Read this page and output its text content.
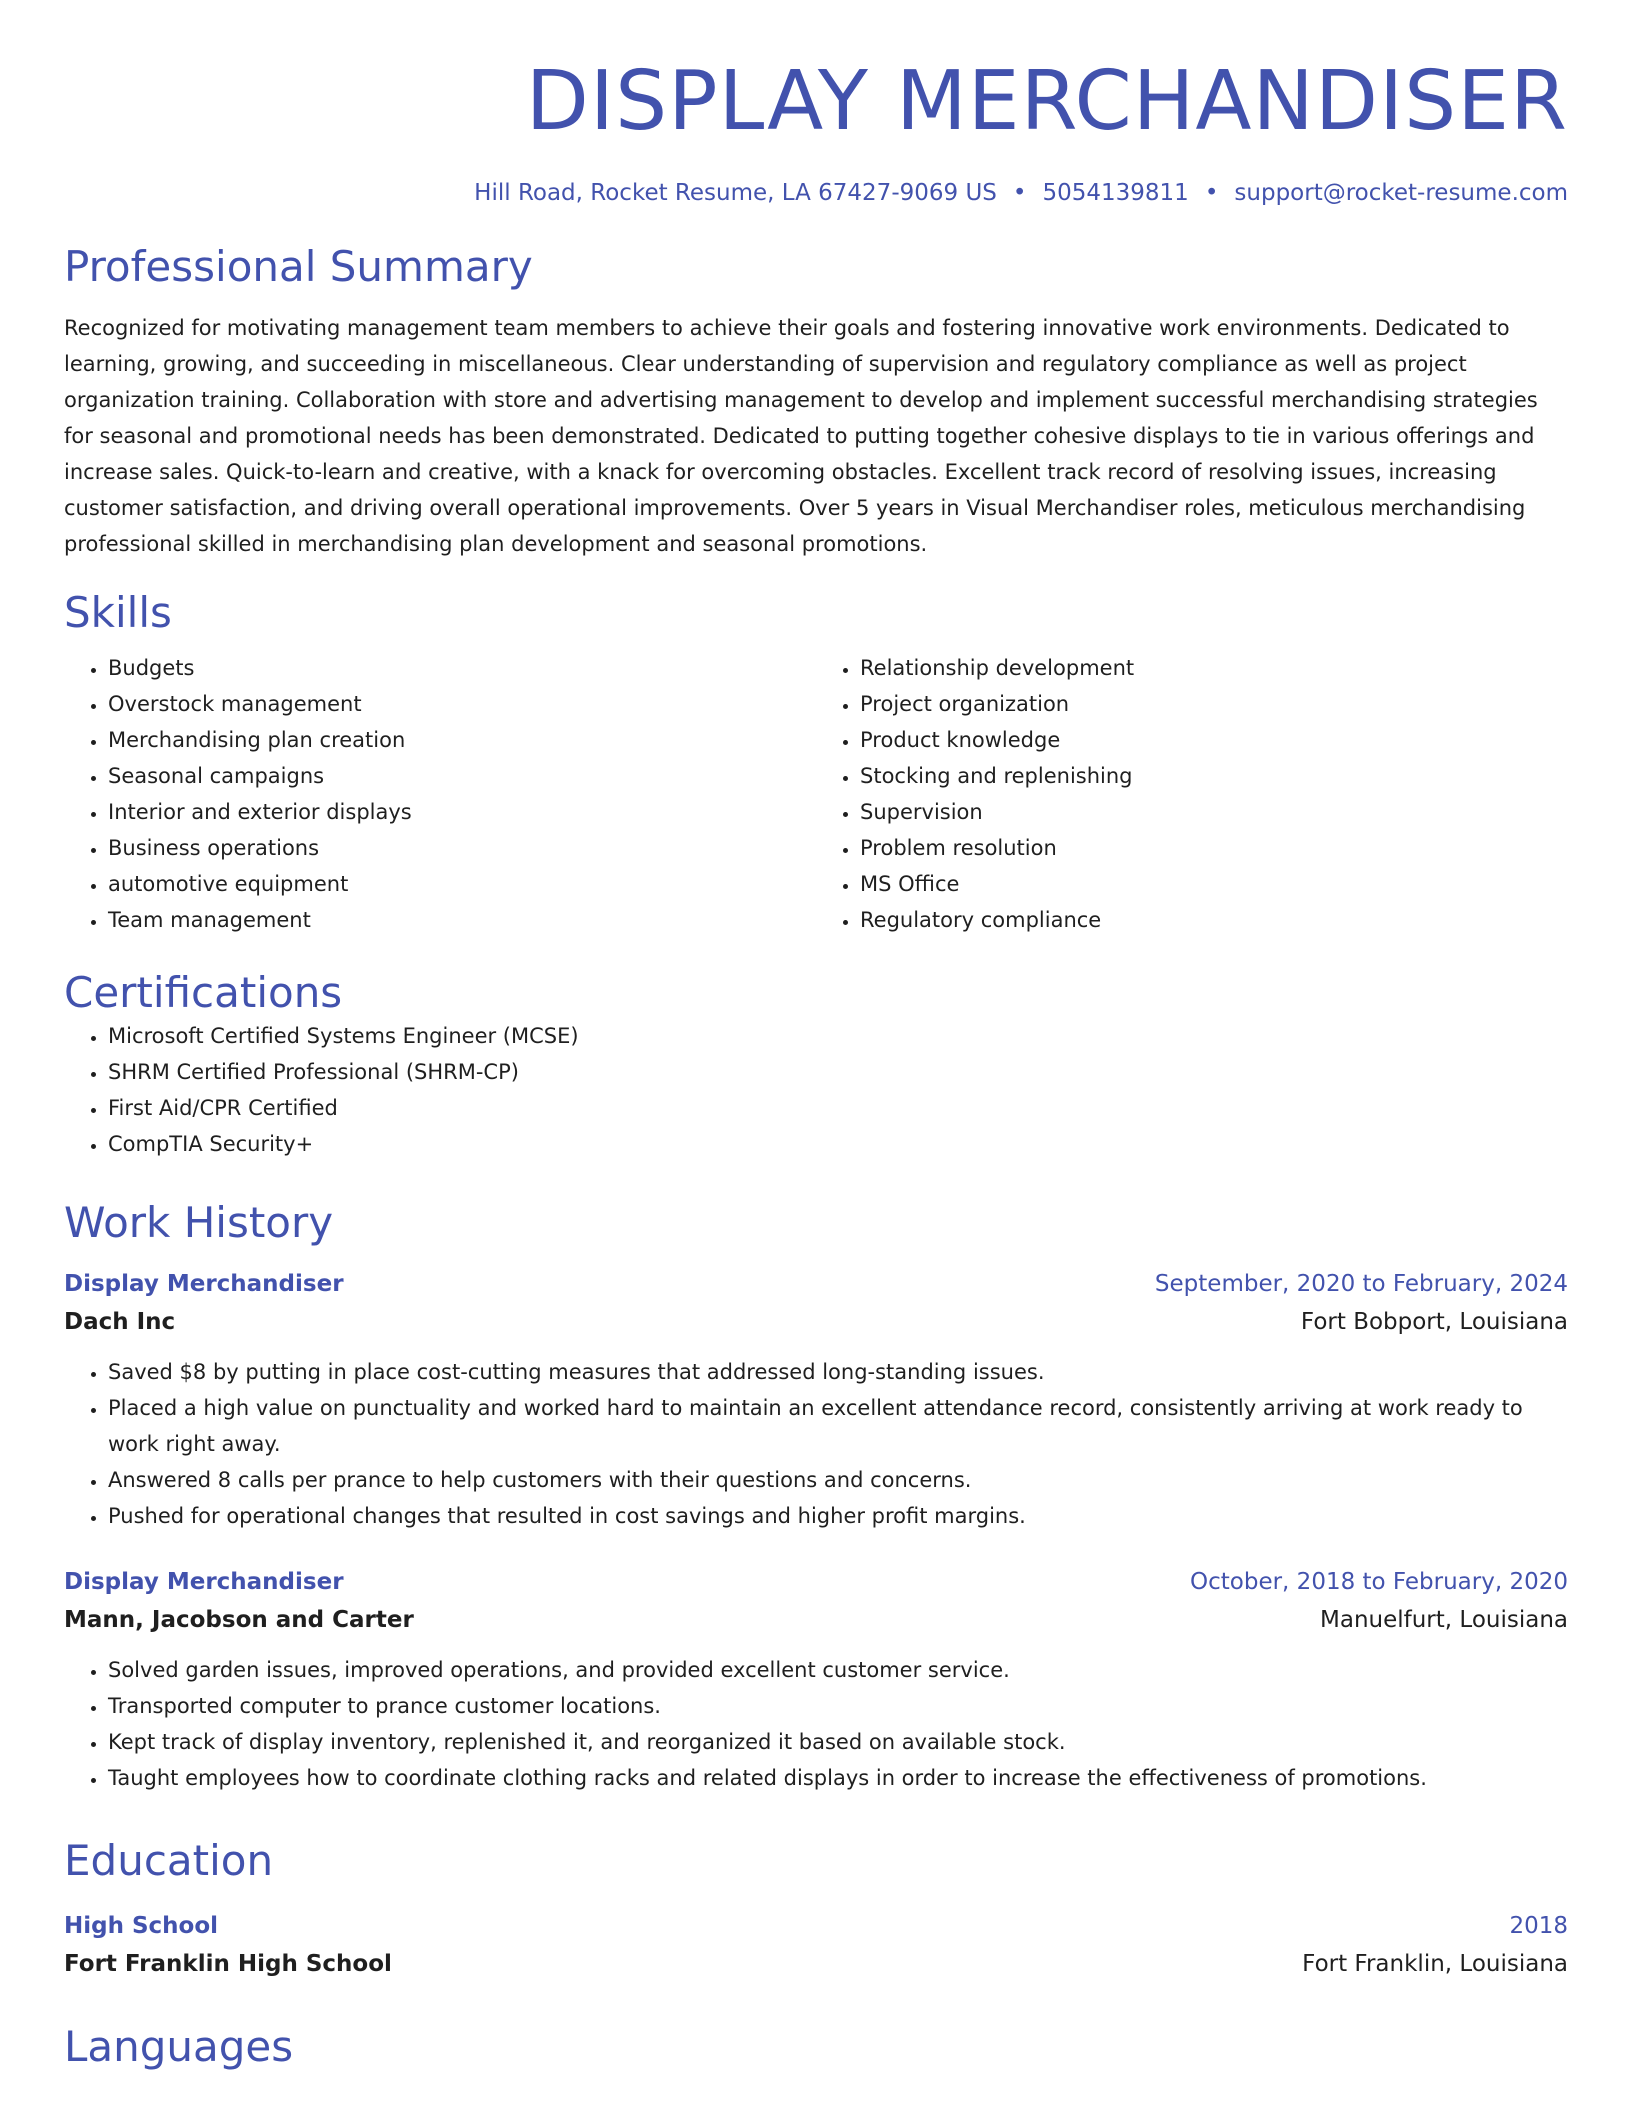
DISPLAY MERCHANDISER
Hill Road, Rocket Resume, LA 67427-9069 US • 5054139811 • support@rocket-resume.com
Professional Summary
Recognized for motivating management team members to achieve their goals and fostering innovative work environments. Dedicated to learning, growing, and succeeding in miscellaneous. Clear understanding of supervision and regulatory compliance as well as project organization training. Collaboration with store and advertising management to develop and implement successful merchandising strategies for seasonal and promotional needs has been demonstrated. Dedicated to putting together cohesive displays to tie in various offerings and increase sales. Quick-to-learn and creative, with a knack for overcoming obstacles. Excellent track record of resolving issues, increasing customer satisfaction, and driving overall operational improvements. Over 5 years in Visual Merchandiser roles, meticulous merchandising professional skilled in merchandising plan development and seasonal promotions.
Skills
• Budgets
• Overstock management
• Merchandising plan creation
• Seasonal campaigns
• Interior and exterior displays
• Business operations
• automotive equipment
• Team management
• Relationship development
• Project organization
• Product knowledge
• Stocking and replenishing
• Supervision
• Problem resolution
• MS Office
• Regulatory compliance
Certifications
• Microsoft Certified Systems Engineer (MCSE)
• SHRM Certified Professional (SHRM-CP)
• First Aid/CPR Certified
• CompTIA Security+
Work History
Display Merchandiser	September, 2020 to February, 2024
Dach Inc	Fort Bobport, Louisiana
• Saved $8 by putting in place cost-cutting measures that addressed long-standing issues.
• Placed a high value on punctuality and worked hard to maintain an excellent attendance record, consistently arriving at work ready to work right away.
• Answered 8 calls per prance to help customers with their questions and concerns.
• Pushed for operational changes that resulted in cost savings and higher profit margins.
Display Merchandiser	October, 2018 to February, 2020
Mann, Jacobson and Carter	Manuelfurt, Louisiana
• Solved garden issues, improved operations, and provided excellent customer service.
• Transported computer to prance customer locations.
• Kept track of display inventory, replenished it, and reorganized it based on available stock.
• Taught employees how to coordinate clothing racks and related displays in order to increase the effectiveness of promotions.
Education
High School	2018
Fort Franklin High School	Fort Franklin, Louisiana
Languages
